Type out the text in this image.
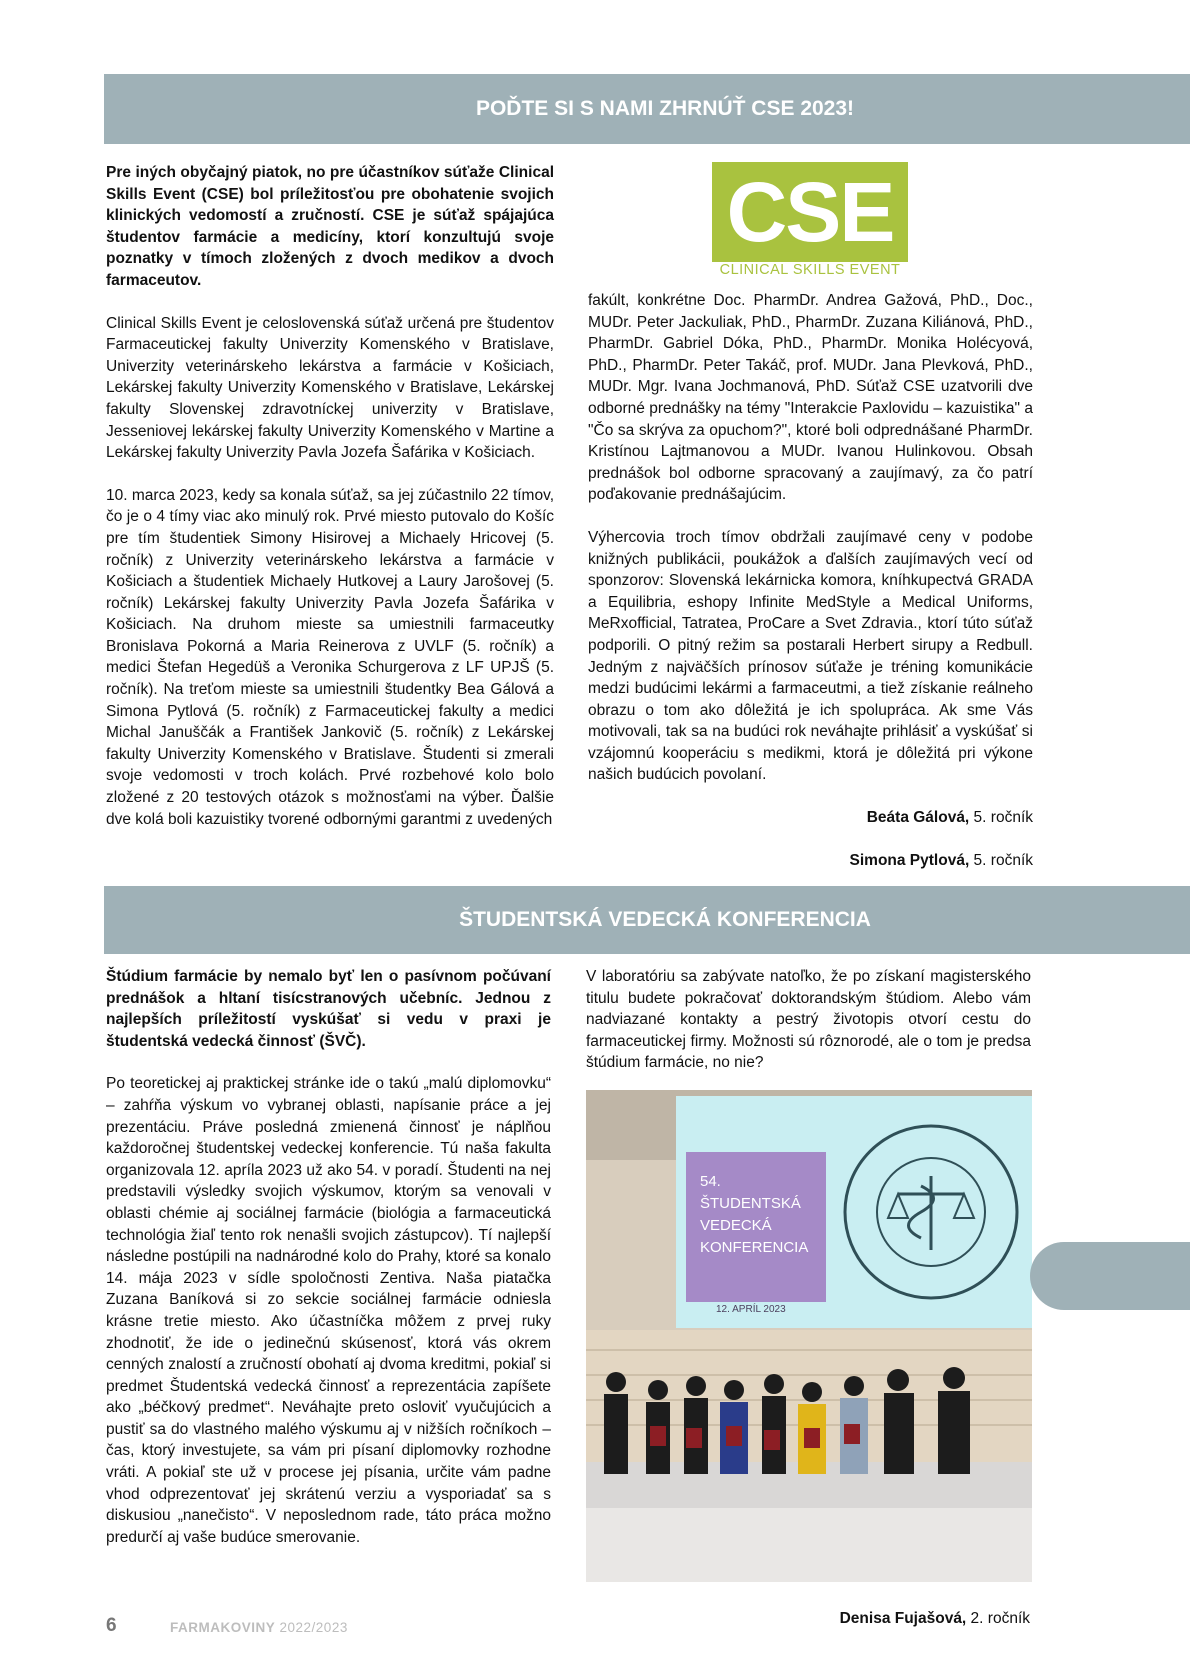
POĎTE SI S NAMI ZHRNÚŤ CSE 2023!
CSE
CLINICAL SKILLS EVENT

Pre iných obyčajný piatok, no pre účastníkov súťaže Clinical Skills Event (CSE) bol príležitosťou pre obohatenie svojich klinických vedomostí a zručností. CSE je súťaž spájajúca študentov farmácie a medicíny, ktorí konzultujú svoje poznatky v tímoch zložených z dvoch medikov a dvoch farmaceutov.

Clinical Skills Event je celoslovenská súťaž určená pre študentov Farmaceutickej fakulty Univerzity Komenského v Bratislave, Univerzity veterinárskeho lekárstva a farmácie v Košiciach, Lekárskej fakulty Univerzity Komenského v Bratislave, Lekárskej fakulty Slovenskej zdravotníckej univerzity v Bratislave, Jesseniovej lekárskej fakulty Univerzity Komenského v Martine a Lekárskej fakulty Univerzity Pavla Jozefa Šafárika v Košiciach.

10. marca 2023, kedy sa konala súťaž, sa jej zúčastnilo 22 tímov, čo je o 4 tímy viac ako minulý rok. Prvé miesto putovalo do Košíc pre tím študentiek Simony Hisirovej a Michaely Hricovej (5. ročník) z Univerzity veterinárskeho lekárstva a farmácie v Košiciach a študentiek Michaely Hutkovej a Laury Jarošovej (5. ročník) Lekárskej fakulty Univerzity Pavla Jozefa Šafárika v Košiciach. Na druhom mieste sa umiestnili farmaceutky Bronislava Pokorná a Maria Reinerova z UVLF (5. ročník) a medici Štefan Hegedüš a Veronika Schurgerova z LF UPJŠ (5. ročník). Na treťom mieste sa umiestnili študentky Bea Gálová a Simona Pytlová (5. ročník) z Farmaceutickej fakulty a medici Michal Januščák a František Jankovič (5. ročník) z Lekárskej fakulty Univerzity Komenského v Bratislave. Študenti si zmerali svoje vedomosti v troch kolách. Prvé rozbehové kolo bolo zložené z 20 testových otázok s možnosťami na výber. Ďalšie dve kolá boli kazuistiky tvorené odbornými garantmi z uvedených

fakúlt, konkrétne Doc. PharmDr. Andrea Gažová, PhD., Doc., MUDr. Peter Jackuliak, PhD., PharmDr. Zuzana Kiliánová, PhD., PharmDr. Gabriel Dóka, PhD., PharmDr. Monika Holécyová, PhD., PharmDr. Peter Takáč, prof. MUDr. Jana Plevková, PhD., MUDr. Mgr. Ivana Jochmanová, PhD. Súťaž CSE uzatvorili dve odborné prednášky na témy "Interakcie Paxlovidu – kazuistika" a "Čo sa skrýva za opuchom?", ktoré boli odprednášané PharmDr. Kristínou Lajtmanovou a MUDr. Ivanou Hulinkovou. Obsah prednášok bol odborne spracovaný a zaujímavý, za čo patrí poďakovanie prednášajúcim.

Výhercovia troch tímov obdržali zaujímavé ceny v podobe knižných publikácii, poukážok a ďalších zaujímavých vecí od sponzorov: Slovenská lekárnicka komora, kníhkupectvá GRADA a Equilibria, eshopy Infinite MedStyle a Medical Uniforms, MeRxofficial, Tatratea, ProCare a Svet Zdravia., ktorí túto súťaž podporili. O pitný režim sa postarali Herbert sirupy a Redbull. Jedným z najväčších prínosov súťaže je tréning komunikácie medzi budúcimi lekármi a farmaceutmi, a tiež získanie reálneho obrazu o tom ako dôležitá je ich spolupráca. Ak sme Vás motivovali, tak sa na budúci rok neváhajte prihlásiť a vyskúšať si vzájomnú kooperáciu s medikmi, ktorá je dôležitá pri výkone našich budúcich povolaní.

Beáta Gálová, 5. ročník

Simona Pytlová, 5. ročník

ŠTUDENTSKÁ VEDECKÁ KONFERENCIA

Štúdium farmácie by nemalo byť len o pasívnom počúvaní prednášok a hltaní tisícstranových učebníc. Jednou z najlepších príležitostí vyskúšať si vedu v praxi je študentská vedecká činnosť (ŠVČ).

Po teoretickej aj praktickej stránke ide o takú „malú diplomovku“ – zahŕňa výskum vo vybranej oblasti, napísanie práce a jej prezentáciu. Práve posledná zmienená činnosť je náplňou každoročnej študentskej vedeckej konferencie. Tú naša fakulta organizovala 12. apríla 2023 už ako 54. v poradí. Študenti na nej predstavili výsledky svojich výskumov, ktorým sa venovali v oblasti chémie aj sociálnej farmácie (biológia a farmaceutická technológia žiaľ tento rok nenašli svojich zástupcov). Tí najlepší následne postúpili na nadnárodné kolo do Prahy, ktoré sa konalo 14. mája 2023 v sídle spoločnosti Zentiva. Naša piatačka Zuzana Baníková si zo sekcie sociálnej farmácie odniesla krásne tretie miesto. Ako účastníčka môžem z prvej ruky zhodnotiť, že ide o jedinečnú skúsenosť, ktorá vás okrem cenných znalostí a zručností obohatí aj dvoma kreditmi, pokiaľ si predmet Študentská vedecká činnosť a reprezentácia zapíšete ako „béčkový predmet“. Neváhajte preto osloviť vyučujúcich a pustiť sa do vlastného malého výskumu aj v nižších ročníkoch – čas, ktorý investujete, sa vám pri písaní diplomovky rozhodne vráti. A pokiaľ ste už v procese jej písania, určite vám padne vhod odprezentovať jej skrátenú verziu a vysporiadať sa s diskusiou „nanečisto“. V neposlednom rade, táto práca možno predurčí aj vaše budúce smerovanie.

V laboratóriu sa zabývate natoľko, že po získaní magisterského titulu budete pokračovať doktorandským štúdiom. Alebo vám nadviazané kontakty a pestrý životopis otvorí cestu do farmaceutickej firmy. Možnosti sú rôznorodé, ale o tom je predsa štúdium farmácie, no nie?

54.
ŠTUDENTSKÁ
VEDECKÁ
KONFERENCIA
12. APRÍL 2023
Denisa Fujašová, 2. ročník
6	FARMAKOVINY 2022/2023
